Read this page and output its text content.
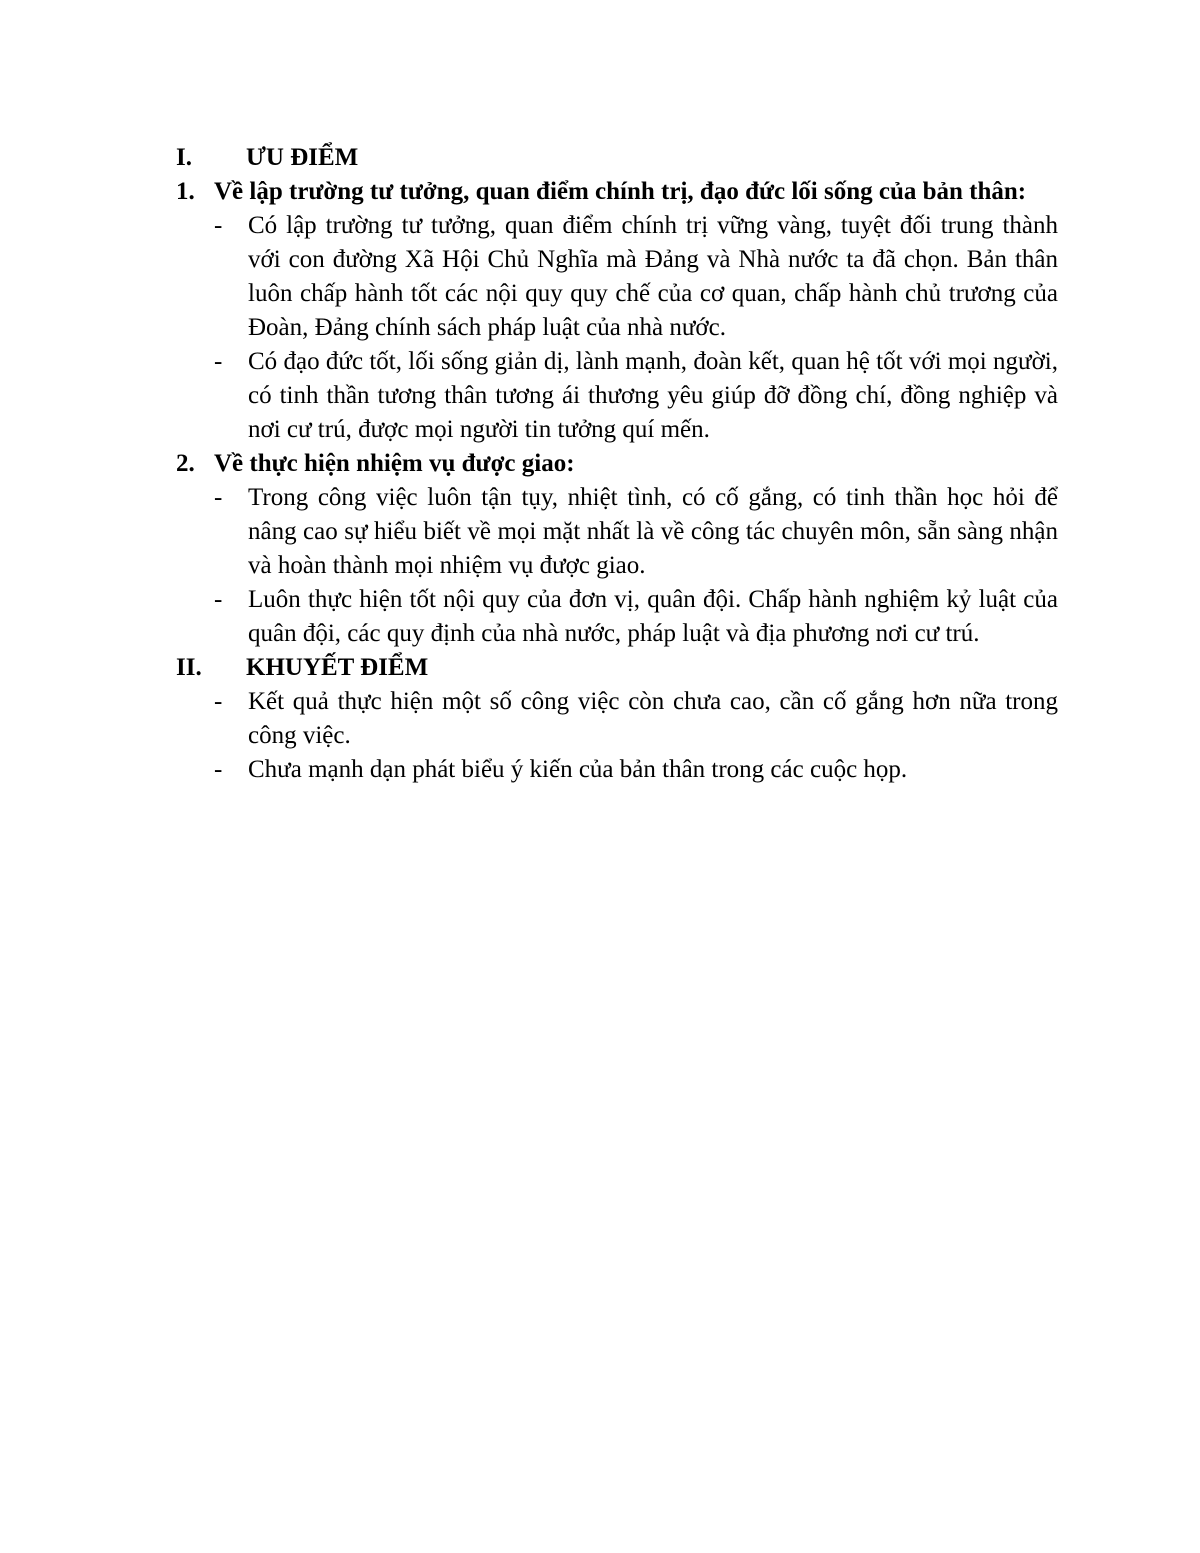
I.	ƯU ĐIỂM
1. Về lập trường tư tưởng, quan điểm chính trị, đạo đức lối sống của bản thân:
-	Có lập trường tư tưởng, quan điểm chính trị vững vàng, tuyệt đối trung thành với con đường Xã Hội Chủ Nghĩa mà Đảng và Nhà nước ta đã chọn. Bản thân luôn chấp hành tốt các nội quy quy chế của cơ quan, chấp hành chủ trương của Đoàn, Đảng chính sách pháp luật của nhà nước.
-	Có đạo đức tốt, lối sống giản dị, lành mạnh, đoàn kết, quan hệ tốt với mọi người, có tinh thần tương thân tương ái thương yêu giúp đỡ đồng chí, đồng nghiệp và nơi cư trú, được mọi người tin tưởng quí mến.
2. Về thực hiện nhiệm vụ được giao:
-	Trong công việc luôn tận tụy, nhiệt tình, có cố gắng, có tinh thần học hỏi để nâng cao sự hiểu biết về mọi mặt nhất là về công tác chuyên môn, sẵn sàng nhận và hoàn thành mọi nhiệm vụ được giao.
-	Luôn thực hiện tốt nội quy của đơn vị, quân đội. Chấp hành nghiệm kỷ luật của quân đội, các quy định của nhà nước, pháp luật và địa phương nơi cư trú.
II.	KHUYẾT ĐIỂM
-	Kết quả thực hiện một số công việc còn chưa cao, cần cố gắng hơn nữa trong công việc.
-	Chưa mạnh dạn phát biểu ý kiến của bản thân trong các cuộc họp.
